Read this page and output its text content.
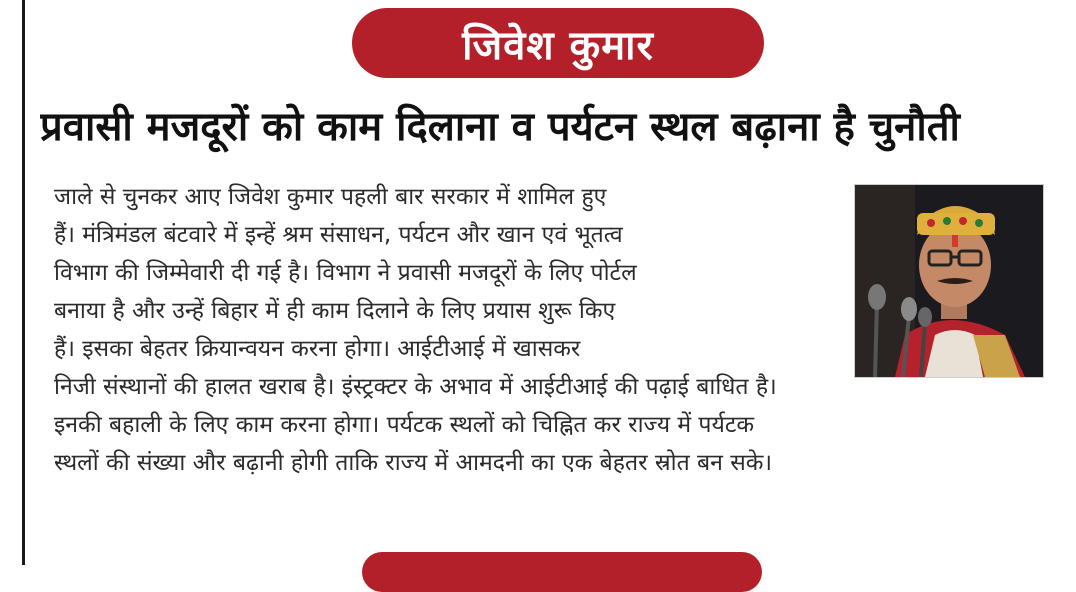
जिवेश कुमार
प्रवासी मजदूरों को काम दिलाना व पर्यटन स्थल बढ़ाना है चुनौती
जाले से चुनकर आए जिवेश कुमार पहली बार सरकार में शामिल हुए
हैं। मंत्रिमंडल बंटवारे में इन्हें श्रम संसाधन, पर्यटन और खान एवं भूतत्व
विभाग की जिम्मेवारी दी गई है। विभाग ने प्रवासी मजदूरों के लिए पोर्टल
बनाया है और उन्हें बिहार में ही काम दिलाने के लिए प्रयास शुरू किए
हैं। इसका बेहतर क्रियान्वयन करना होगा। आईटीआई में खासकर
निजी संस्थानों की हालत खराब है। इंस्ट्रक्टर के अभाव में आईटीआई की पढ़ाई बाधित है।
इनकी बहाली के लिए काम करना होगा। पर्यटक स्थलों को चिह्नित कर राज्य में पर्यटक
स्थलों की संख्या और बढ़ानी होगी ताकि राज्य में आमदनी का एक बेहतर स्रोत बन सके।
